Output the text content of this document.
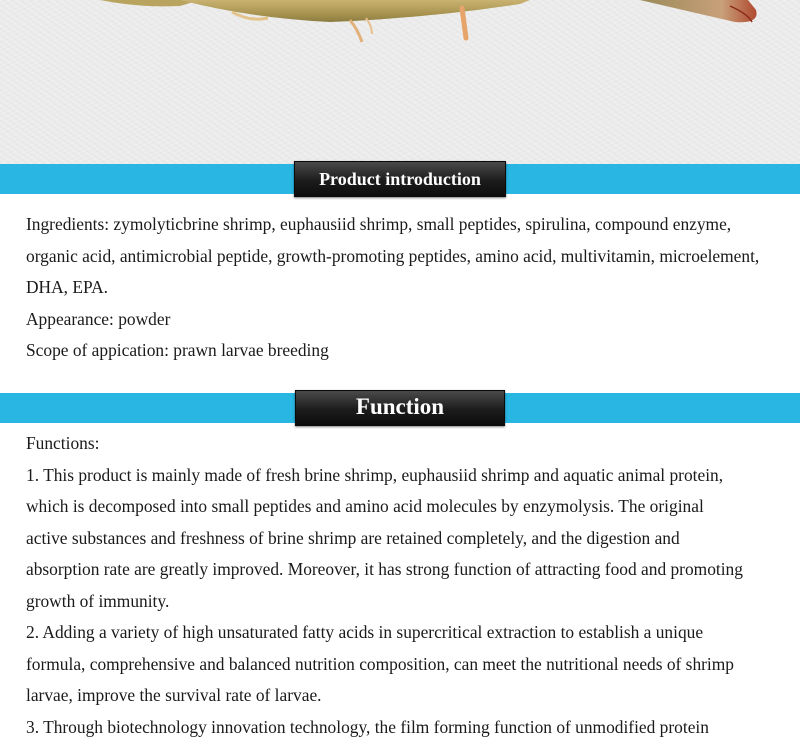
Product introduction

Ingredients: zymolyticbrine shrimp, euphausiid shrimp, small peptides, spirulina, compound enzyme,

organic acid, antimicrobial peptide, growth-promoting peptides, amino acid, multivitamin, microelement,

DHA, EPA.

Appearance: powder

Scope of appication: prawn larvae breeding

Function

Functions:

1. This product is mainly made of fresh brine shrimp, euphausiid shrimp and aquatic animal protein,

which is decomposed into small peptides and amino acid molecules by enzymolysis. The original

active substances and freshness of brine shrimp are retained completely, and the digestion and

absorption rate are greatly improved. Moreover, it has strong function of attracting food and promoting

growth of immunity.

2. Adding a variety of high unsaturated fatty acids in supercritical extraction to establish a unique

formula, comprehensive and balanced nutrition composition, can meet the nutritional needs of shrimp

larvae, improve the survival rate of larvae.

3. Through biotechnology innovation technology, the film forming function of unmodified protein
